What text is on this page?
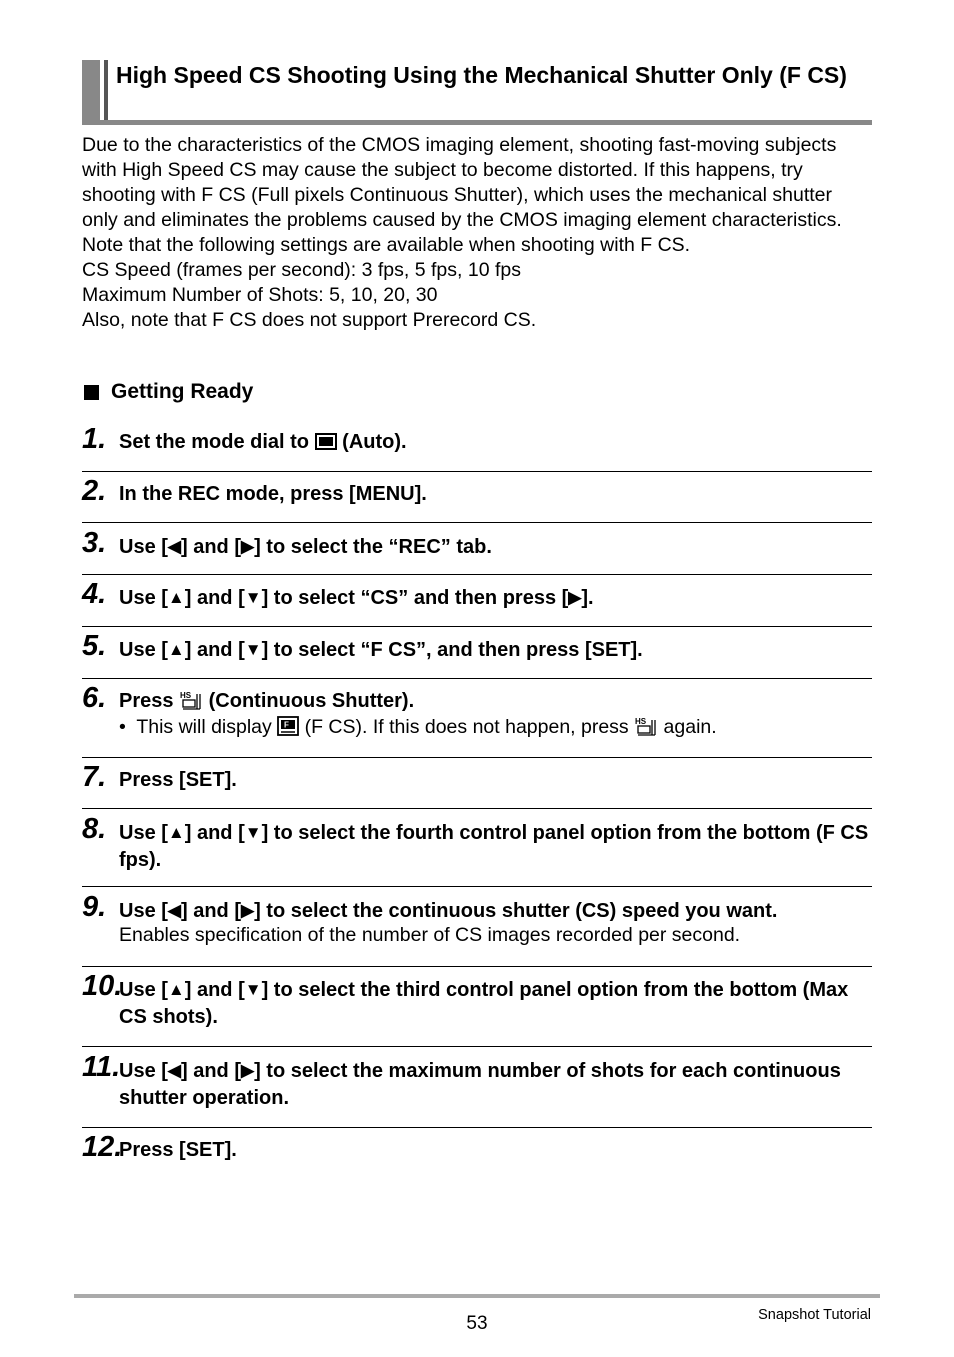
High Speed CS Shooting Using the Mechanical Shutter Only (F CS)

Due to the characteristics of the CMOS imaging element, shooting fast-moving subjects with High Speed CS may cause the subject to become distorted. If this happens, try shooting with F CS (Full pixels Continuous Shutter), which uses the mechanical shutter only and eliminates the problems caused by the CMOS imaging element characteristics. Note that the following settings are available when shooting with F CS.

CS Speed (frames per second): 3 fps, 5 fps, 10 fps

Maximum Number of Shots: 5, 10, 20, 30

Also, note that F CS does not support Prerecord CS.

Getting Ready
1. Set the mode dial to (Auto).
2. In the REC mode, press [MENU].
3. Use [◀] and [▶] to select the “REC” tab.
4. Use [▲] and [▼] to select “CS” and then press [▶].
5. Use [▲] and [▼] to select “F CS”, and then press [SET].
6. Press HS (Continuous Shutter).
• This will display F (F CS). If this does not happen, press HS again.
7. Press [SET].
8. Use [▲] and [▼] to select the fourth control panel option from the bottom (F CS fps).
9. Use [◀] and [▶] to select the continuous shutter (CS) speed you want.
Enables specification of the number of CS images recorded per second.
10.
Use [▲] and [▼] to select the third control panel option from the bottom (Max CS shots).
11.
Use [◀] and [▶] to select the maximum number of shots for each continuous shutter operation.
12.
Press [SET].
53	Snapshot Tutorial
